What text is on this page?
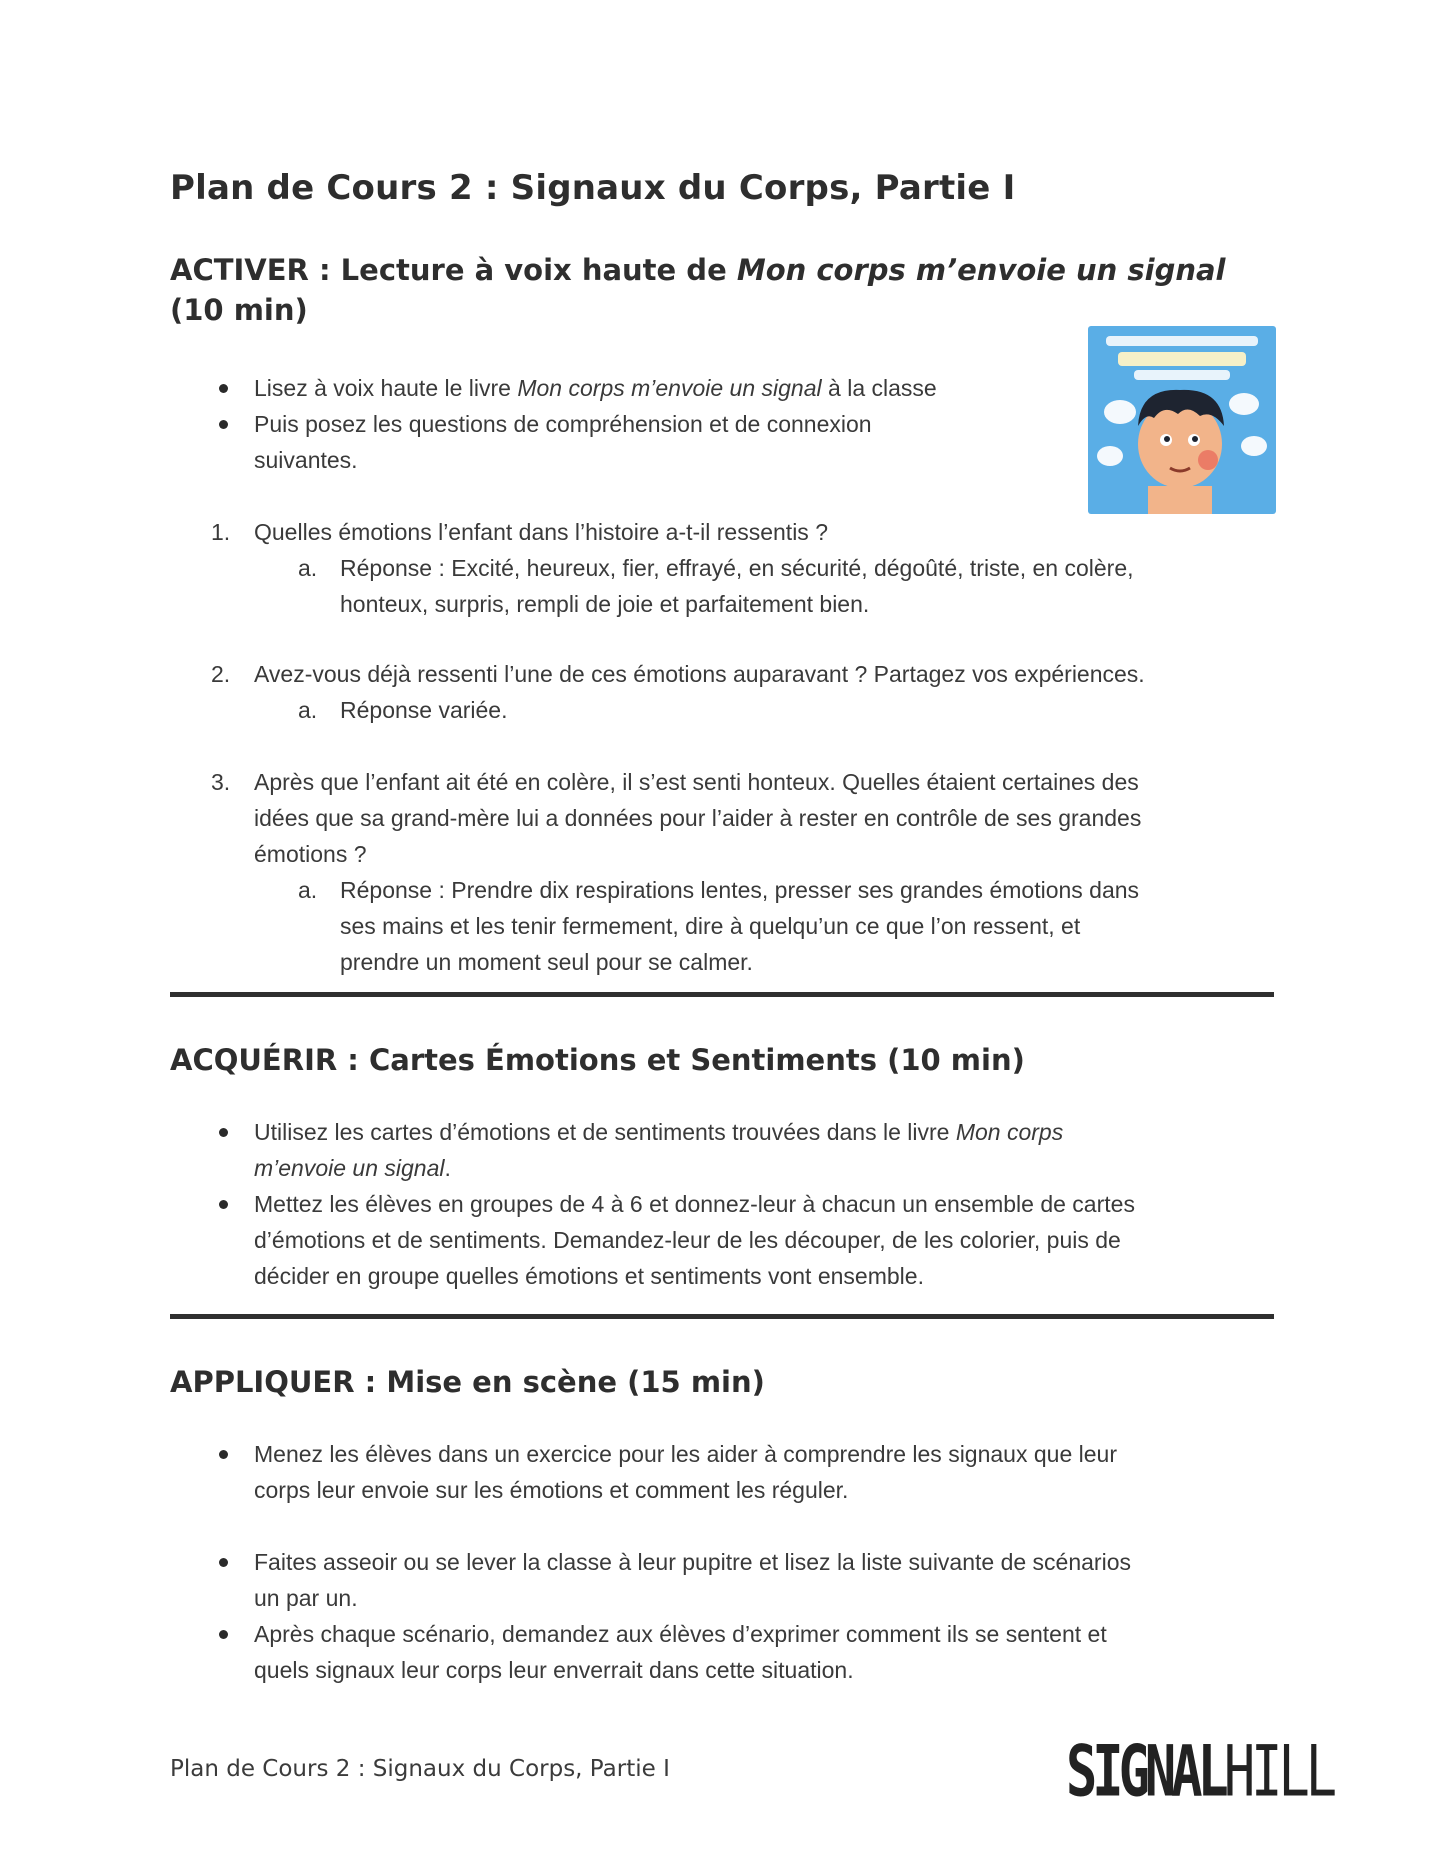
Plan de Cours 2 : Signaux du Corps, Partie I
ACTIVER : Lecture à voix haute de Mon corps m’envoie un signal (10 min)
Lisez à voix haute le livre Mon corps m’envoie un signal à la classe
Puis posez les questions de compréhension et de connexion
suivantes.
1. Quelles émotions l’enfant dans l’histoire a-t-il ressentis ?
a. Réponse : Excité, heureux, fier, effrayé, en sécurité, dégoûté, triste, en colère,
honteux, surpris, rempli de joie et parfaitement bien.
2. Avez-vous déjà ressenti l’une de ces émotions auparavant ? Partagez vos expériences.
a. Réponse variée.
3. Après que l’enfant ait été en colère, il s’est senti honteux. Quelles étaient certaines des
idées que sa grand-mère lui a données pour l’aider à rester en contrôle de ses grandes
émotions ?
a. Réponse : Prendre dix respirations lentes, presser ses grandes émotions dans
ses mains et les tenir fermement, dire à quelqu’un ce que l’on ressent, et
prendre un moment seul pour se calmer.
ACQUÉRIR : Cartes Émotions et Sentiments (10 min)
Utilisez les cartes d’émotions et de sentiments trouvées dans le livre Mon corps
m’envoie un signal.
Mettez les élèves en groupes de 4 à 6 et donnez-leur à chacun un ensemble de cartes
d’émotions et de sentiments. Demandez-leur de les découper, de les colorier, puis de
décider en groupe quelles émotions et sentiments vont ensemble.
APPLIQUER : Mise en scène (15 min)
Menez les élèves dans un exercice pour les aider à comprendre les signaux que leur
corps leur envoie sur les émotions et comment les réguler.
Faites asseoir ou se lever la classe à leur pupitre et lisez la liste suivante de scénarios
un par un.
Après chaque scénario, demandez aux élèves d’exprimer comment ils se sentent et
quels signaux leur corps leur enverrait dans cette situation.
Plan de Cours 2 : Signaux du Corps, Partie I	SIGNALHILL
